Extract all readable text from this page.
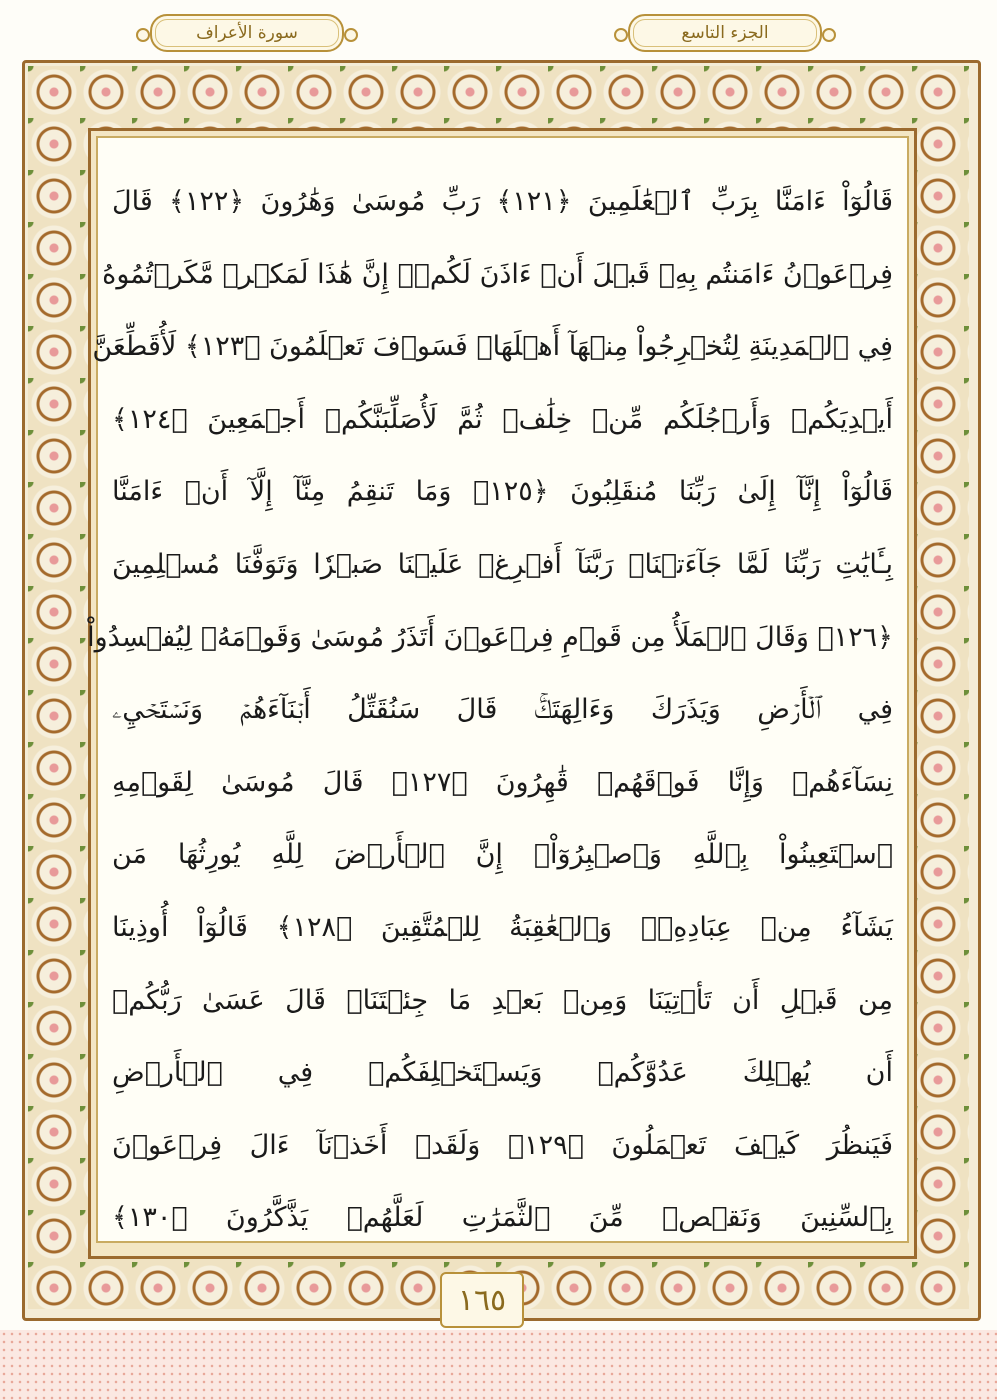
سورة الأعراف	الجزء التاسع
قَالُوٓاْ ءَامَنَّا بِرَبِّ ٱلۡعَٰلَمِينَ ﴿١٢١﴾ رَبِّ مُوسَىٰ وَهَٰرُونَ ﴿١٢٢﴾ قَالَ
فِرۡعَوۡنُ ءَامَنتُم بِهِۦ قَبۡلَ أَنۡ ءَاذَنَ لَكُمۡۖ إِنَّ هَٰذَا لَمَكۡرٞ مَّكَرۡتُمُوهُ
فِي ٱلۡمَدِينَةِ لِتُخۡرِجُواْ مِنۡهَآ أَهۡلَهَاۖ فَسَوۡفَ تَعۡلَمُونَ ﴿١٢٣﴾ لَأُقَطِّعَنَّ
أَيۡدِيَكُمۡ وَأَرۡجُلَكُم مِّنۡ خِلَٰفٖ ثُمَّ لَأُصَلِّبَنَّكُمۡ أَجۡمَعِينَ ﴿١٢٤﴾
قَالُوٓاْ إِنَّآ إِلَىٰ رَبِّنَا مُنقَلِبُونَ ﴿١٢٥﴾ وَمَا تَنقِمُ مِنَّآ إِلَّآ أَنۡ ءَامَنَّا
بِـَٔايَٰتِ رَبِّنَا لَمَّا جَآءَتۡنَاۚ رَبَّنَآ أَفۡرِغۡ عَلَيۡنَا صَبۡرٗا وَتَوَفَّنَا مُسۡلِمِينَ
﴿١٢٦﴾ وَقَالَ ٱلۡمَلَأُ مِن قَوۡمِ فِرۡعَوۡنَ أَتَذَرُ مُوسَىٰ وَقَوۡمَهُۥ لِيُفۡسِدُواْ
فِي ٱلۡأَرۡضِ وَيَذَرَكَ وَءَالِهَتَكَۚ قَالَ سَنُقَتِّلُ أَبۡنَآءَهُمۡ وَنَسۡتَحۡيِۦ
نِسَآءَهُمۡ وَإِنَّا فَوۡقَهُمۡ قَٰهِرُونَ ﴿١٢٧﴾ قَالَ مُوسَىٰ لِقَوۡمِهِ
ٱسۡتَعِينُواْ بِٱللَّهِ وَٱصۡبِرُوٓاْۖ إِنَّ ٱلۡأَرۡضَ لِلَّهِ يُورِثُهَا مَن
يَشَآءُ مِنۡ عِبَادِهِۦۖ وَٱلۡعَٰقِبَةُ لِلۡمُتَّقِينَ ﴿١٢٨﴾ قَالُوٓاْ أُوذِينَا
مِن قَبۡلِ أَن تَأۡتِيَنَا وَمِنۢ بَعۡدِ مَا جِئۡتَنَاۚ قَالَ عَسَىٰ رَبُّكُمۡ
أَن يُهۡلِكَ عَدُوَّكُمۡ وَيَسۡتَخۡلِفَكُمۡ فِي ٱلۡأَرۡضِ
فَيَنظُرَ كَيۡفَ تَعۡمَلُونَ ﴿١٢٩﴾ وَلَقَدۡ أَخَذۡنَآ ءَالَ فِرۡعَوۡنَ
بِٱلسِّنِينَ وَنَقۡصٖ مِّنَ ٱلثَّمَرَٰتِ لَعَلَّهُمۡ يَذَّكَّرُونَ ﴿١٣٠﴾
١٦٥
